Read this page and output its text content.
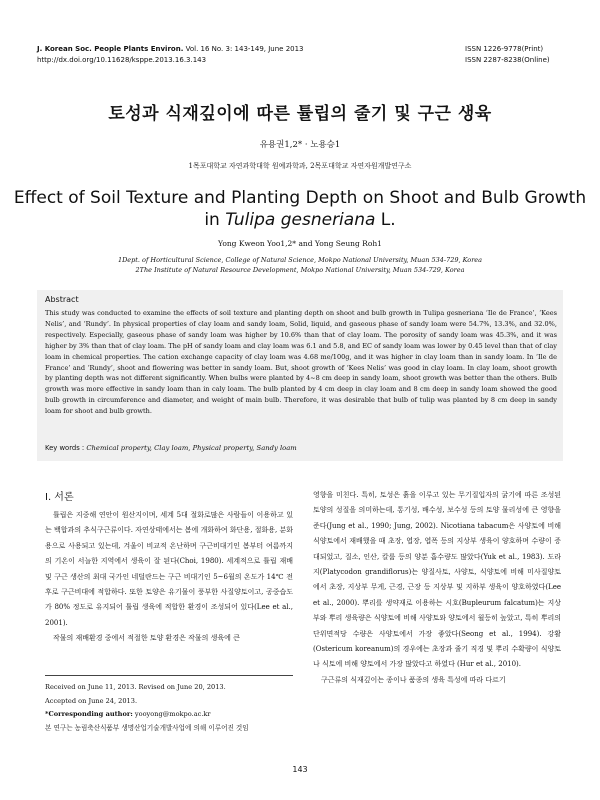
J. Korean Soc. People Plants Environ. Vol. 16 No. 3: 143-149, June 2013
http://dx.doi.org/10.11628/ksppe.2013.16.3.143
ISSN 1226-9778(Print)
ISSN 2287-8238(Online)
토성과 식재깊이에 따른 튤립의 줄기 및 구근 생육
유용권1,2* · 노용승1
1목포대학교 자연과학대학 원예과학과, 2목포대학교 자연자원개발연구소
Effect of Soil Texture and Planting Depth on Shoot and Bulb Growth
in Tulipa gesneriana L.
Yong Kweon Yoo1,2* and Yong Seung Roh1
1Dept. of Horticultural Science, College of Natural Science, Mokpo National University, Muan 534-729, Korea
2The Institute of Natural Resource Development, Mokpo National University, Muan 534-729, Korea
Abstract
This study was conducted to examine the effects of soil texture and planting depth on shoot and bulb growth in Tulipa gesneriana ‘Ile de France’, ‘Kees Nelis’, and ‘Rundy’. In physical properties of clay loam and sandy loam, Solid, liquid, and gaseous phase of sandy loam were 54.7%, 13.3%, and 32.0%, respectively. Especially, gaseous phase of sandy loam was higher by 10.6% than that of clay loam. The porosity of sandy loam was 45.3%, and it was higher by 3% than that of clay loam. The pH of sandy loam and clay loam was 6.1 and 5.8, and EC of sandy loam was lower by 0.45 level than that of clay loam in chemical properties. The cation exchange capacity of clay loam was 4.68 me/100g, and it was higher in clay loam than in sandy loam. In ‘Ile de France’ and ‘Rundy’, shoot and flowering was better in sandy loam. But, shoot growth of ‘Kees Nelis’ was good in clay loam. In clay loam, shoot growth by planting depth was not different significantly. When bulbs were planted by 4~8 cm deep in sandy loam, shoot growth was better than the others. Bulb growth was more effective in sandy loam than in caly loam. The bulb planted by 4 cm deep in clay loam and 8 cm deep in sandy loam showed the good bulb growth in circumference and diameter, and weight of main bulb. Therefore, it was desirable that bulb of tulip was planted by 8 cm deep in sandy loam for shoot and bulb growth.
Key words : Chemical property, Clay loam, Physical property, Sandy loam
Ⅰ. 서론

튤립은 지중해 연안이 원산지이며, 세계 5대 절화로많은 사람들이 이용하고 있는 백합과의 추식구근류이다. 자연상태에서는 봄에 개화하여 화단용, 절화용, 분화용으로 사용되고 있는데, 겨울이 비교적 온난하며 구근비대기인 봄부터 여름까지의 기온이 서늘한 지역에서 생육이 잘 된다(Choi, 1980). 세계적으로 튤립 재배 및 구근 생산의 최대 국가인 네덜란드는 구근 비대기인 5~6월의 온도가 14℃ 전후로 구근비대에 적합하다. 또한 토양은 유기물이 풍부한 사질양토이고, 공중습도가 80% 정도로 유지되어 튤립 생육에 적합한 환경이 조성되어 있다(Lee et al., 2001).

작물의 재배환경 중에서 적절한 토양 환경은 작물의 생육에 큰

영향을 미친다. 특히, 토성은 흙을 이루고 있는 무기질입자의 굵기에 따른 조성된 토양의 성질을 의미하는데, 통기성, 배수성, 보수성 등의 토양 물리성에 큰 영향을 준다(Jung et al., 1990; Jung, 2002). Nicotiana tabacum은 사양토에 비해 식양토에서 재배했을 때 초장, 엽장, 엽폭 등의 지상부 생육이 양호하며 수량이 증대되었고, 질소, 인산, 칼륨 등의 양분 흡수량도 많았다(Yuk et al., 1983). 도라지(Platycodon grandiflorus)는 양질사토, 사양토, 식양토에 비해 미사질양토에서 초장, 지상부 무게, 근경, 근장 등 지상부 및 지하부 생육이 양호하였다(Lee et al., 2000). 뿌리를 생약재로 이용하는 시호(Bupleurum falcatum)는 지상부와 뿌리 생육량은 식양토에 비해 사양토와 양토에서 월등히 높았고, 특히 뿌리의 단위면적당 수량은 사양토에서 가장 좋았다(Seong et al., 1994). 강활(Ostericum koreanum)의 경우에는 초장과 줄기 직경 및 뿌리 수확량이 식양토나 식토에 비해 양토에서 가장 많았다고 하였다 (Hur et al., 2010).

구근류의 식재깊이는 종이나 품종의 생육 특성에 따라 다르기

Received on June 11, 2013. Revised on June 20, 2013.
Accepted on June 24, 2013.
*Corresponding author: yooyong@mokpo.ac.kr
본 연구는 농림축산식품부 생명산업기술개발사업에 의해 이루어진 것임
143
